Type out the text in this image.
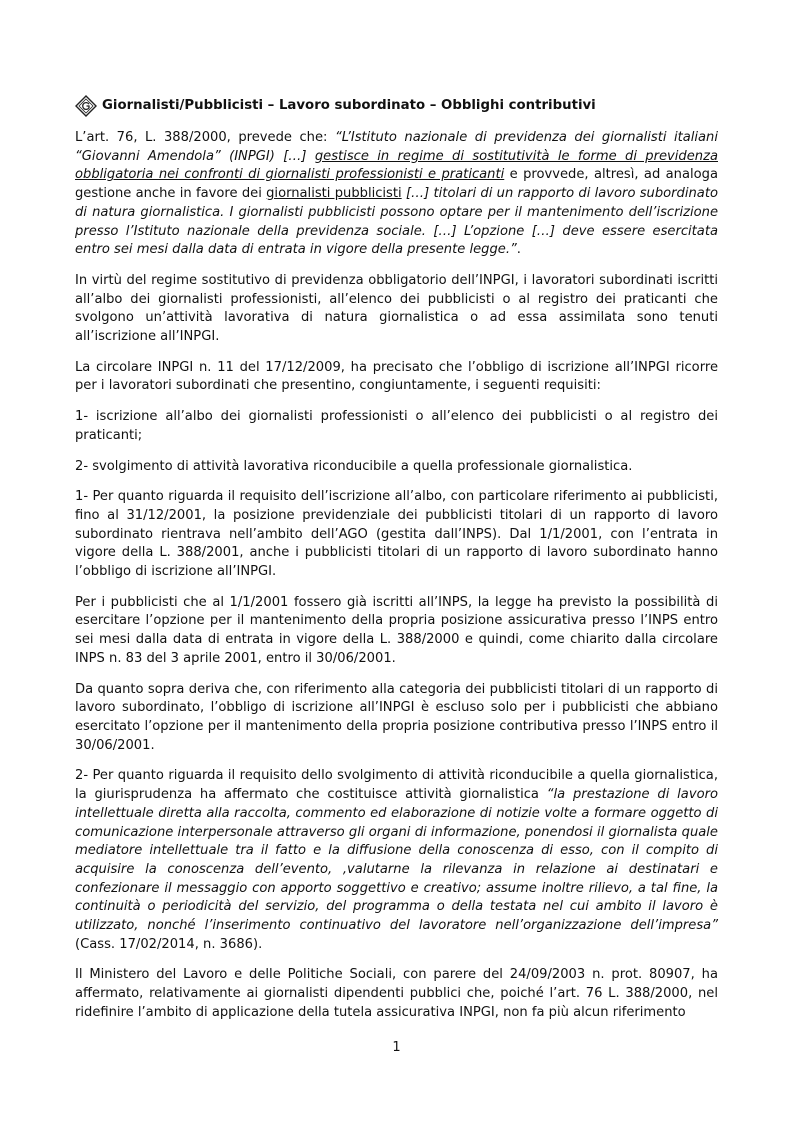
Giornalisti/Pubblicisti – Lavoro subordinato – Obblighi contributivi

L’art. 76, L. 388/2000, prevede che: “L’Istituto nazionale di previdenza dei giornalisti italiani “Giovanni Amendola” (INPGI) […] gestisce in regime di sostitutività le forme di previdenza obbligatoria nei confronti di giornalisti professionisti e praticanti e provvede, altresì, ad analoga gestione anche in favore dei giornalisti pubblicisti […] titolari di un rapporto di lavoro subordinato di natura giornalistica. I giornalisti pubblicisti possono optare per il mantenimento dell’iscrizione presso l’Istituto nazionale della previdenza sociale. […] L’opzione […] deve essere esercitata entro sei mesi dalla data di entrata in vigore della presente legge.”.

In virtù del regime sostitutivo di previdenza obbligatorio dell’INPGI, i lavoratori subordinati iscritti all’albo dei giornalisti professionisti, all’elenco dei pubblicisti o al registro dei praticanti che svolgono un’attività lavorativa di natura giornalistica o ad essa assimilata sono tenuti all’iscrizione all’INPGI.

La circolare INPGI n. 11 del 17/12/2009, ha precisato che l’obbligo di iscrizione all’INPGI ricorre per i lavoratori subordinati che presentino, congiuntamente, i seguenti requisiti:

1- iscrizione all’albo dei giornalisti professionisti o all’elenco dei pubblicisti o al registro dei praticanti;

2- svolgimento di attività lavorativa riconducibile a quella professionale giornalistica.

1- Per quanto riguarda il requisito dell’iscrizione all’albo, con particolare riferimento ai pubblicisti, fino al 31/12/2001, la posizione previdenziale dei pubblicisti titolari di un rapporto di lavoro subordinato rientrava nell’ambito dell’AGO (gestita dall’INPS). Dal 1/1/2001, con l’entrata in vigore della L. 388/2001, anche i pubblicisti titolari di un rapporto di lavoro subordinato hanno l’obbligo di iscrizione all’INPGI.

Per i pubblicisti che al 1/1/2001 fossero già iscritti all’INPS, la legge ha previsto la possibilità di esercitare l’opzione per il mantenimento della propria posizione assicurativa presso l’INPS entro sei mesi dalla data di entrata in vigore della L. 388/2000 e quindi, come chiarito dalla circolare INPS n. 83 del 3 aprile 2001, entro il 30/06/2001.

Da quanto sopra deriva che, con riferimento alla categoria dei pubblicisti titolari di un rapporto di lavoro subordinato, l’obbligo di iscrizione all’INPGI è escluso solo per i pubblicisti che abbiano esercitato l’opzione per il mantenimento della propria posizione contributiva presso l’INPS entro il 30/06/2001.

2- Per quanto riguarda il requisito dello svolgimento di attività riconducibile a quella giornalistica, la giurisprudenza ha affermato che costituisce attività giornalistica “la prestazione di lavoro intellettuale diretta alla raccolta, commento ed elaborazione di notizie volte a formare oggetto di comunicazione interpersonale attraverso gli organi di informazione, ponendosi il giornalista quale mediatore intellettuale tra il fatto e la diffusione della conoscenza di esso, con il compito di acquisire la conoscenza dell’evento, ,valutarne la rilevanza in relazione ai destinatari e confezionare il messaggio con apporto soggettivo e creativo; assume inoltre rilievo, a tal fine, la continuità o periodicità del servizio, del programma o della testata nel cui ambito il lavoro è utilizzato, nonché l’inserimento continuativo del lavoratore nell’organizzazione dell’impresa” (Cass. 17/02/2014, n. 3686).

Il Ministero del Lavoro e delle Politiche Sociali, con parere del 24/09/2003 n. prot. 80907, ha affermato, relativamente ai giornalisti dipendenti pubblici che, poiché l’art. 76 L. 388/2000, nel ridefinire l’ambito di applicazione della tutela assicurativa INPGI, non fa più alcun riferimento

1
